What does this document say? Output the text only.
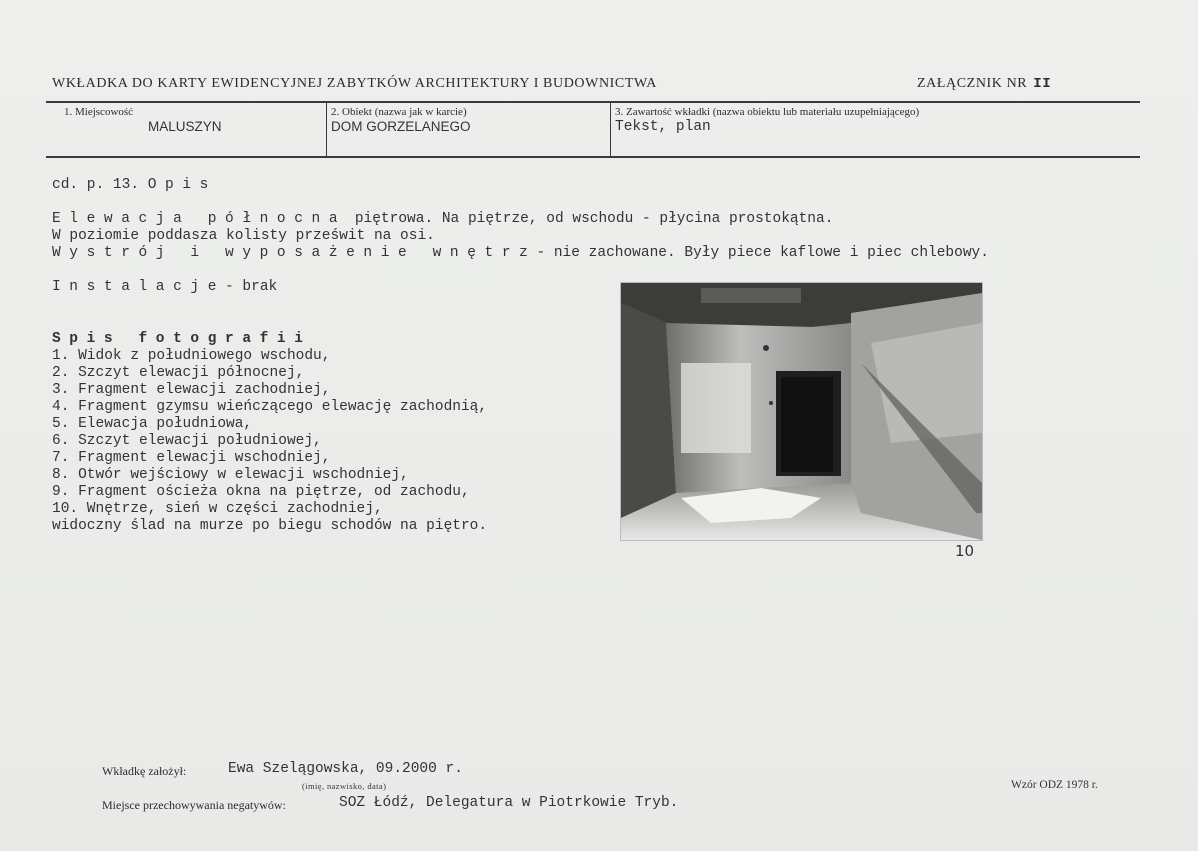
WKŁADKA DO KARTY EWIDENCYJNEJ ZABYTKÓW ARCHITEKTURY I BUDOWNICTWA	ZAŁĄCZNIK NR II
1. Miejscowość
MALUSZYN
2. Obiekt (nazwa jak w karcie)
DOM GORZELANEGO
3. Zawartość wkładki (nazwa obiektu lub materiału uzupełniającego)
Tekst, plan
cd. p. 13. Opis
Elewacja północna piętrowa. Na piętrze, od wschodu - płycina prostokątna.
W poziomie poddasza kolisty prześwit na osi.
Wystrój i wyposażenie wnętrz- nie zachowane. Były piece kaflowe i piec chlebowy.
Instalacje- brak
Spis fotografii
1. Widok z południowego wschodu,
2. Szczyt elewacji północnej,
3. Fragment elewacji zachodniej,
4. Fragment gzymsu wieńczącego elewację zachodnią,
5. Elewacja południowa,
6. Szczyt elewacji południowej,
7. Fragment elewacji wschodniej,
8. Otwór wejściowy w elewacji wschodniej,
9. Fragment ościeża okna na piętrze, od zachodu,
10. Wnętrze, sień w części zachodniej,
widoczny ślad na murze po biegu schodów na piętro.
10
Wkładkę założył:	Ewa Szelągowska, 09.2000 r.
(imię, nazwisko, data)
Miejsce przechowywania negatywów:	SOZ Łódź, Delegatura w Piotrkowie Tryb.
Wzór ODZ 1978 r.
